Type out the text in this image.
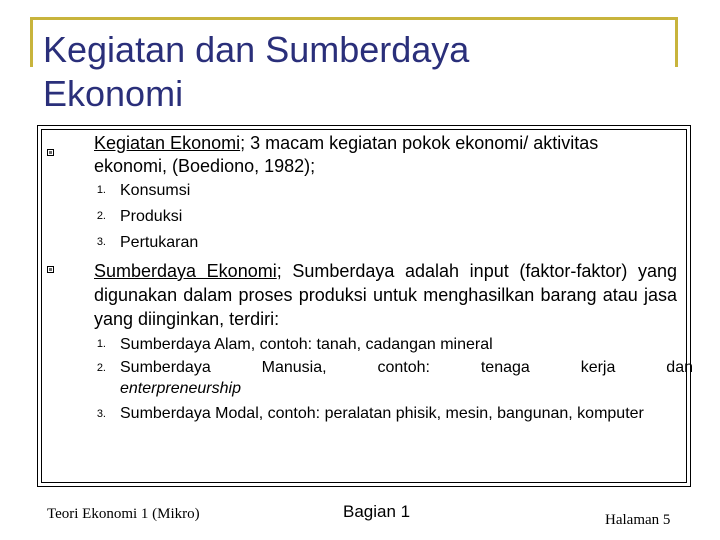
Kegiatan dan Sumberdaya Ekonomi
Kegiatan Ekonomi; 3 macam kegiatan pokok ekonomi/ aktivitas ekonomi, (Boediono, 1982);
1. Konsumsi
2. Produksi
3. Pertukaran
Sumberdaya Ekonomi; Sumberdaya adalah input (faktor-faktor) yang digunakan dalam proses produksi untuk menghasilkan barang atau jasa yang diinginkan, terdiri:
1. Sumberdaya Alam, contoh: tanah, cadangan mineral
2. Sumberdaya Manusia, contoh: tenaga kerja dan
enterpreneurship
3. Sumberdaya Modal, contoh: peralatan phisik, mesin, bangunan, komputer
Teori Ekonomi 1 (Mikro)	Bagian 1	Halaman 5
